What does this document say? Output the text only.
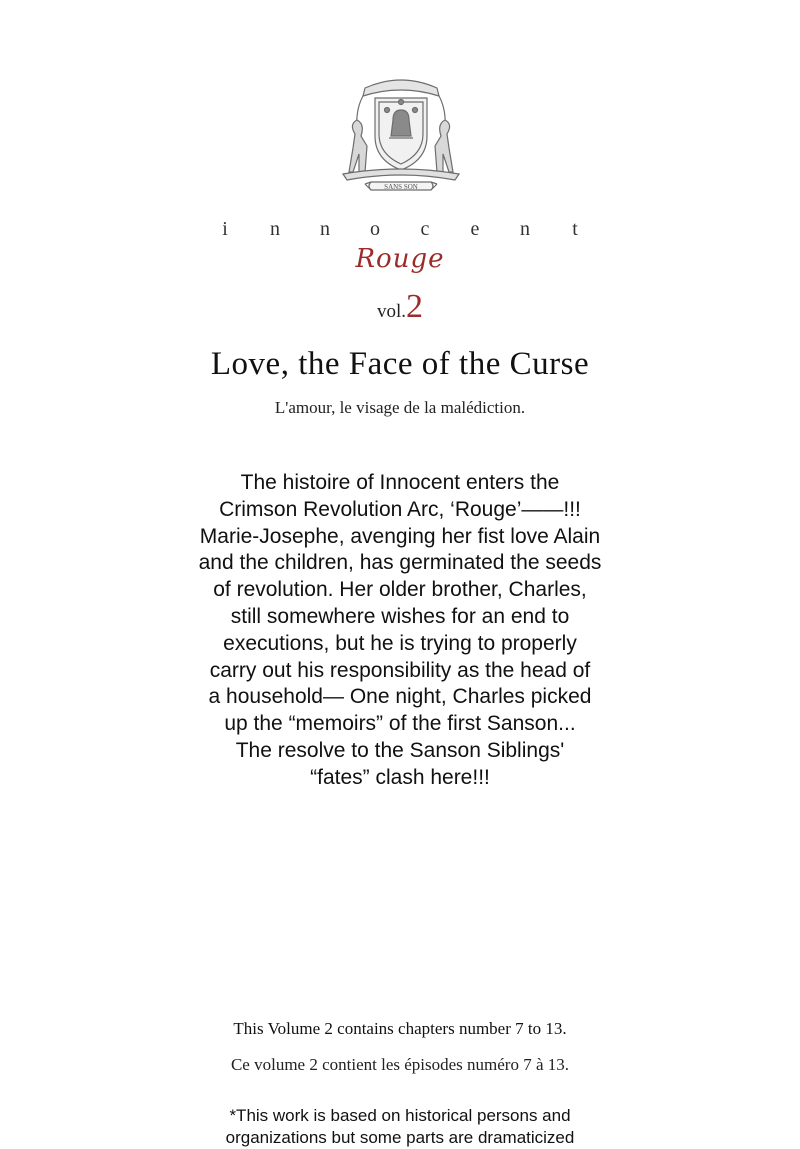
SANS SON
i n n o c e n t
Rouge
vol.2
Love, the Face of the Curse
L'amour, le visage de la malédiction.
The histoire of Innocent enters the
Crimson Revolution Arc, ‘Rouge’——!!!
Marie-Josephe, avenging her fist love Alain
and the children, has germinated the seeds
of revolution. Her older brother, Charles,
still somewhere wishes for an end to
executions, but he is trying to properly
carry out his responsibility as the head of
a household— One night, Charles picked
up the “memoirs” of the first Sanson...
The resolve to the Sanson Siblings'
“fates” clash here!!!
This Volume 2 contains chapters number 7 to 13.
Ce volume 2 contient les épisodes numéro 7 à 13.
*This work is based on historical persons and
organizations but some parts are dramaticized
